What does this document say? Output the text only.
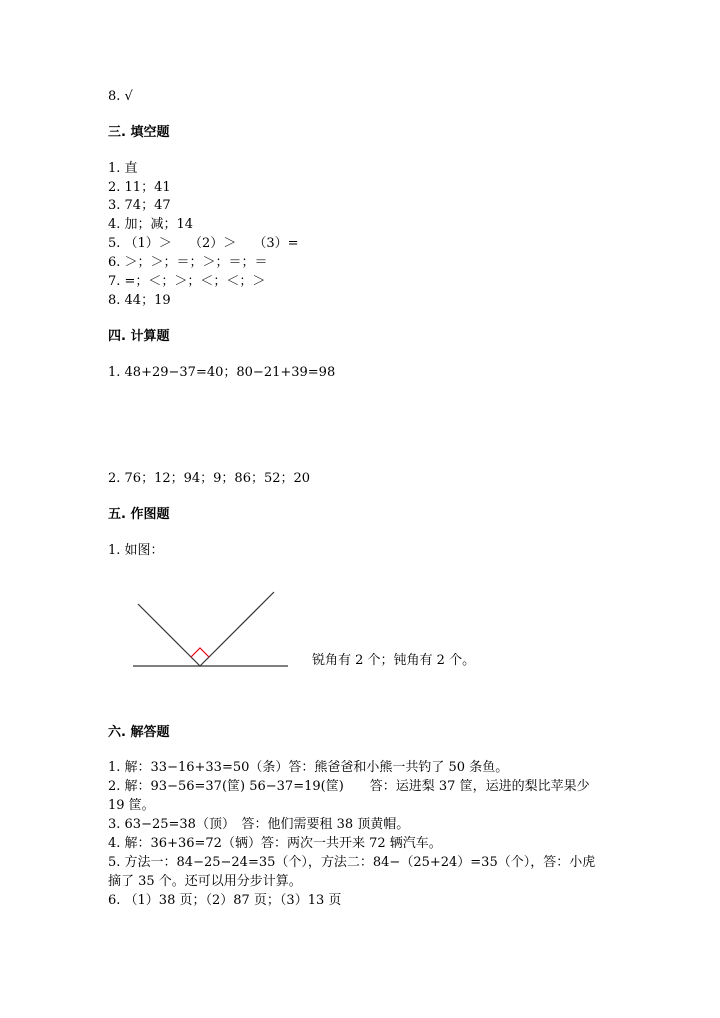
8. √
三. 填空题
1. 直
2. 11；41
3. 74；47
4. 加；减；14
5. （1）＞　 （2）＞　 （3）=
6. ＞；＞；＝；＞；＝；＝
7. =；＜；＞；＜；＜；＞
8. 44；19
四. 计算题
1. 48+29−37=40；80−21+39=98
2. 76；12；94；9；86；52；20
五. 作图题
1. 如图：
锐角有 2 个；钝角有 2 个。
六. 解答题
1. 解：33−16+33=50（条）答：熊爸爸和小熊一共钓了 50 条鱼。
2. 解：93−56=37(筐) 56−37=19(筐)　　答：运进梨 37 筐，运进的梨比苹果少
19 筐。
3. 63−25=38（顶）　答：他们需要租 38 顶黄帽。
4. 解：36+36=72（辆）答：两次一共开来 72 辆汽车。
5. 方法一：84−25−24=35（个），方法二：84−（25+24）=35（个），答：小虎
摘了 35 个。还可以用分步计算。
6. （1）38 页；（2）87 页；（3）13 页
